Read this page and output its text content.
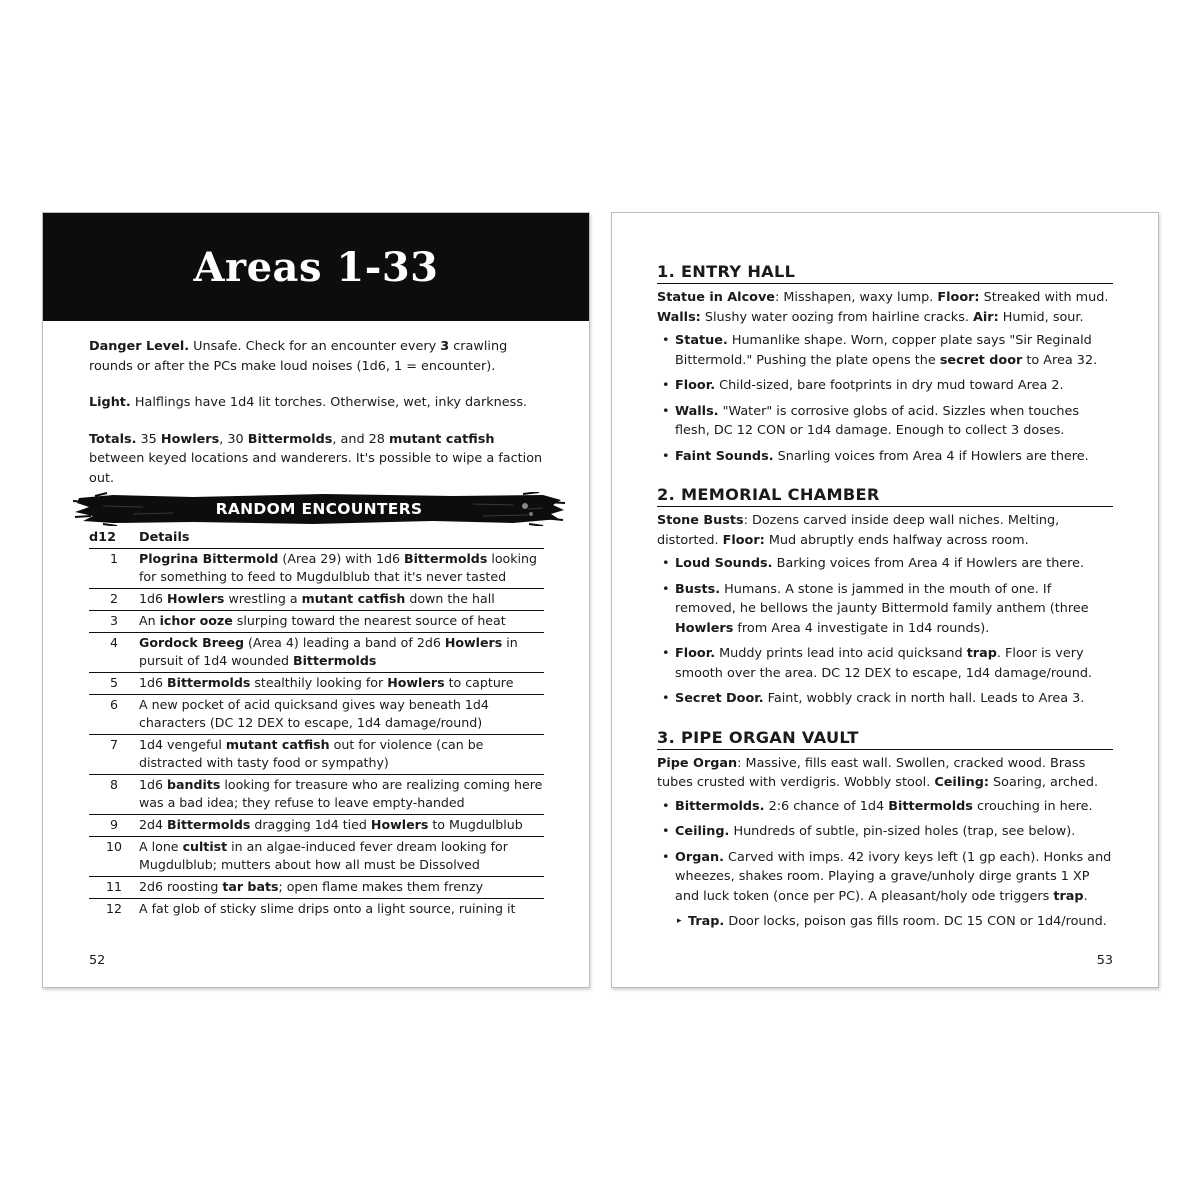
Areas 1-33

Danger Level. Unsafe. Check for an encounter every 3 crawling rounds or after the PCs make loud noises (1d6, 1 = encounter).

Light. Halflings have 1d4 lit torches. Otherwise, wet, inky darkness.

Totals. 35 Howlers, 30 Bittermolds, and 28 mutant catfish between keyed locations and wanderers. It's possible to wipe a faction out.

RANDOM ENCOUNTERS
d12	Details
1	Plogrina Bittermold (Area 29) with 1d6 Bittermolds looking for something to feed to Mugdulblub that it's never tasted
2	1d6 Howlers wrestling a mutant catfish down the hall
3	An ichor ooze slurping toward the nearest source of heat
4	Gordock Breeg (Area 4) leading a band of 2d6 Howlers in pursuit of 1d4 wounded Bittermolds
5	1d6 Bittermolds stealthily looking for Howlers to capture
6	A new pocket of acid quicksand gives way beneath 1d4 characters (DC 12 DEX to escape, 1d4 damage/round)
7	1d4 vengeful mutant catfish out for violence (can be distracted with tasty food or sympathy)
8	1d6 bandits looking for treasure who are realizing coming here was a bad idea; they refuse to leave empty-handed
9	2d4 Bittermolds dragging 1d4 tied Howlers to Mugdulblub
10	A lone cultist in an algae-induced fever dream looking for Mugdulblub; mutters about how all must be Dissolved
11	2d6 roosting tar bats; open flame makes them frenzy
12	A fat glob of sticky slime drips onto a light source, ruining it
52
1. ENTRY HALL
Statue in Alcove: Misshapen, waxy lump. Floor: Streaked with mud. Walls: Slushy water oozing from hairline cracks. Air: Humid, sour.
• Statue. Humanlike shape. Worn, copper plate says "Sir Reginald Bittermold." Pushing the plate opens the secret door to Area 32.
• Floor. Child-sized, bare footprints in dry mud toward Area 2.
• Walls. "Water" is corrosive globs of acid. Sizzles when touches flesh, DC 12 CON or 1d4 damage. Enough to collect 3 doses.
• Faint Sounds. Snarling voices from Area 4 if Howlers are there.
2. MEMORIAL CHAMBER
Stone Busts: Dozens carved inside deep wall niches. Melting, distorted. Floor: Mud abruptly ends halfway across room.
• Loud Sounds. Barking voices from Area 4 if Howlers are there.
• Busts. Humans. A stone is jammed in the mouth of one. If removed, he bellows the jaunty Bittermold family anthem (three Howlers from Area 4 investigate in 1d4 rounds).
• Floor. Muddy prints lead into acid quicksand trap. Floor is very smooth over the area. DC 12 DEX to escape, 1d4 damage/round.
• Secret Door. Faint, wobbly crack in north hall. Leads to Area 3.
3. PIPE ORGAN VAULT
Pipe Organ: Massive, fills east wall. Swollen, cracked wood. Brass tubes crusted with verdigris. Wobbly stool. Ceiling: Soaring, arched.
• Bittermolds. 2:6 chance of 1d4 Bittermolds crouching in here.
• Ceiling. Hundreds of subtle, pin-sized holes (trap, see below).
• Organ. Carved with imps. 42 ivory keys left (1 gp each). Honks and wheezes, shakes room. Playing a grave/unholy dirge grants 1 XP and luck token (once per PC). A pleasant/holy ode triggers trap.
▸ Trap. Door locks, poison gas fills room. DC 15 CON or 1d4/round.
53
